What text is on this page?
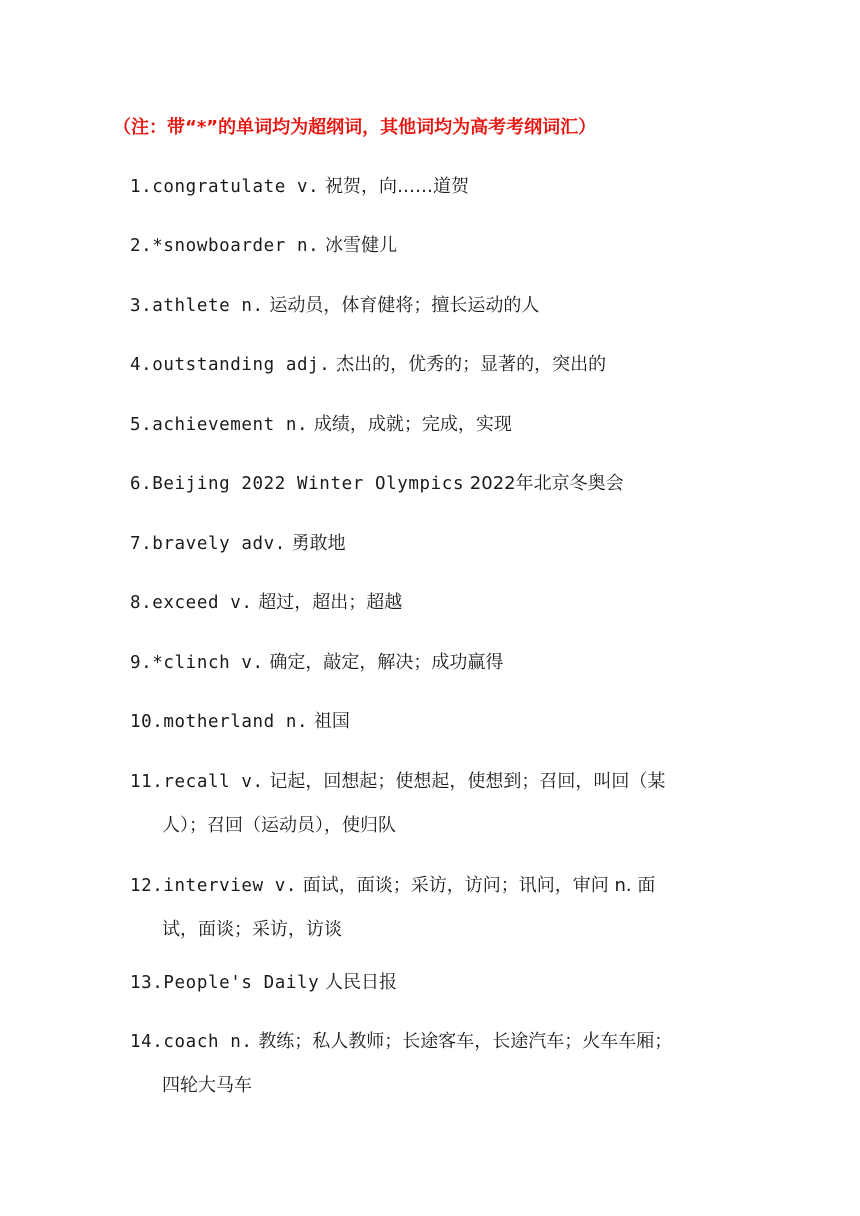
（注：带“*”的单词均为超纲词，其他词均为高考考纲词汇）
1.congratulate v. 祝贺，向……道贺
2.*snowboarder n. 冰雪健儿
3.athlete n. 运动员，体育健将；擅长运动的人
4.outstanding adj. 杰出的，优秀的；显著的，突出的
5.achievement n. 成绩，成就；完成，实现
6.Beijing 2022 Winter Olympics 2022年北京冬奥会
7.bravely adv. 勇敢地
8.exceed v. 超过，超出；超越
9.*clinch v. 确定，敲定，解决；成功赢得
10.motherland n. 祖国
11.recall v. 记起，回想起；使想起，使想到；召回，叫回（某
人）；召回（运动员），使归队
12.interview v. 面试，面谈；采访，访问；讯问，审问 n. 面
试，面谈；采访，访谈
13.People's Daily 人民日报
14.coach n. 教练；私人教师；长途客车，长途汽车；火车车厢；
四轮大马车
